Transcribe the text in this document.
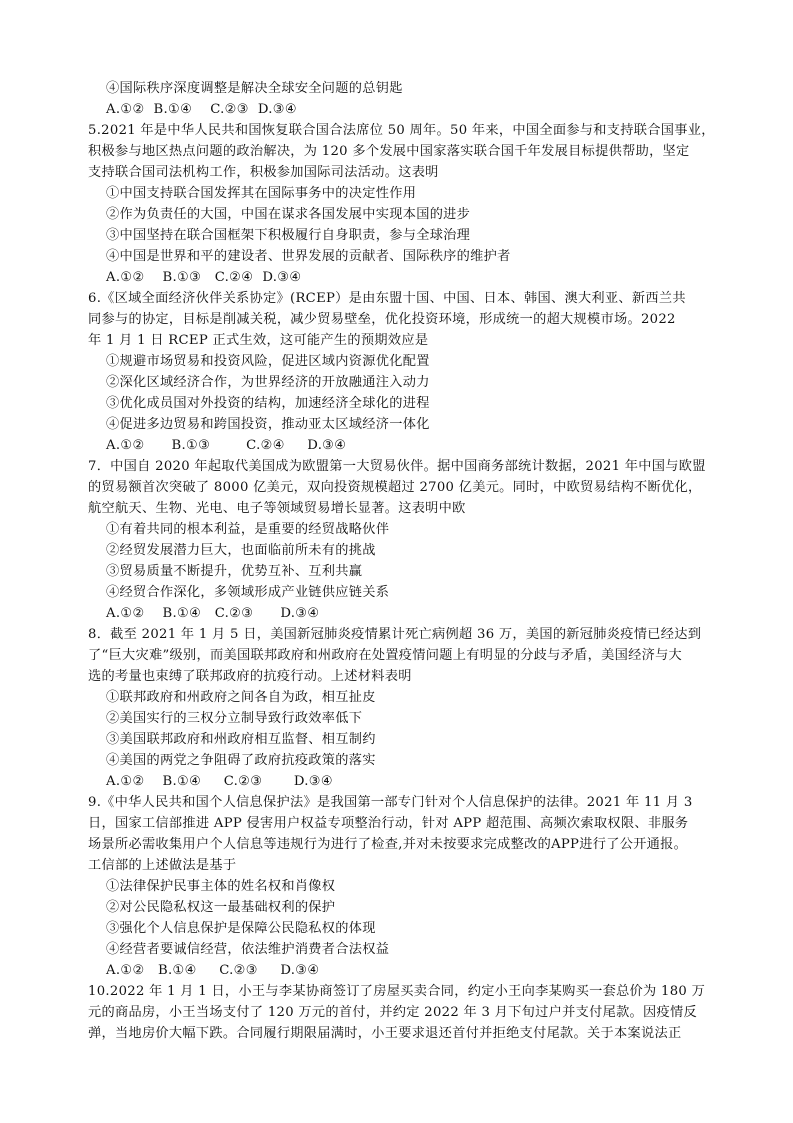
④国际秩序深度调整是解决全球安全问题的总钥匙
A.①②  B.①④    C.②③  D.③④
5.2021 年是中华人民共和国恢复联合国合法席位 50 周年。50 年来，中国全面参与和支持联合国事业，
积极参与地区热点问题的政治解决，为 120 多个发展中国家落实联合国千年发展目标提供帮助，坚定
支持联合国司法机构工作，积极参加国际司法活动。这表明
①中国支持联合国发挥其在国际事务中的决定性作用
②作为负责任的大国，中国在谋求各国发展中实现本国的进步
③中国坚持在联合国框架下积极履行自身职责，参与全球治理
④中国是世界和平的建设者、世界发展的贡献者、国际秩序的维护者
A.①②    B.①③   C.②④  D.③④
6.《区域全面经济伙伴关系协定》(RCEP）是由东盟十国、中国、日本、韩国、澳大利亚、新西兰共
同参与的协定，目标是削减关税，减少贸易壁垒，优化投资环境，形成统一的超大规模市场。2022
年 1 月 1 日 RCEP 正式生效，这可能产生的预期效应是
①规避市场贸易和投资风险，促进区域内资源优化配置
②深化区域经济合作，为世界经济的开放融通注入动力
③优化成员国对外投资的结构，加速经济全球化的进程
④促进多边贸易和跨国投资，推动亚太区域经济一体化
A.①②      B.①③        C.②④     D.③④
7．中国自 2020 年起取代美国成为欧盟第一大贸易伙伴。据中国商务部统计数据，2021 年中国与欧盟
的贸易额首次突破了 8000 亿美元，双向投资规模超过 2700 亿美元。同时，中欧贸易结构不断优化，
航空航天、生物、光电、电子等领域贸易增长显著。这表明中欧
①有着共同的根本利益，是重要的经贸战略伙伴
②经贸发展潜力巨大，也面临前所未有的挑战
③贸易质量不断提升，优势互补、互利共赢
④经贸合作深化，多领域形成产业链供应链关系
A.①②    B.①④   C.②③      D.③④
8．截至 2021 年 1 月 5 日，美国新冠肺炎疫情累计死亡病例超 36 万，美国的新冠肺炎疫情已经达到
了“巨大灾难”级别，而美国联邦政府和州政府在处置疫情问题上有明显的分歧与矛盾，美国经济与大
选的考量也束缚了联邦政府的抗疫行动。上述材料表明
①联邦政府和州政府之间各自为政，相互扯皮
②美国实行的三权分立制导致行政效率低下
③美国联邦政府和州政府相互监督、相互制约
④美国的两党之争阻碍了政府抗疫政策的落实
A.①②    B.①④     C.②③       D.③④
9.《中华人民共和国个人信息保护法》是我国第一部专门针对个人信息保护的法律。2021 年 11 月 3
日，国家工信部推进 APP 侵害用户权益专项整治行动，针对 APP 超范围、高频次索取权限、非服务
场景所必需收集用户个人信息等违规行为进行了检查,并对未按要求完成整改的APP进行了公开通报。
工信部的上述做法是基于
①法律保护民事主体的姓名权和肖像权
②对公民隐私权这一最基础权利的保护
③强化个人信息保护是保障公民隐私权的体现
④经营者要诚信经营，依法维护消费者合法权益
A.①②   B.①④     C.②③     D.③④
10.2022 年 1 月 1 日，小王与李某协商签订了房屋买卖合同，约定小王向李某购买一套总价为 180 万
元的商品房，小王当场支付了 120 万元的首付，并约定 2022 年 3 月下旬过户并支付尾款。因疫情反
弹，当地房价大幅下跌。合同履行期限届满时，小王要求退还首付并拒绝支付尾款。关于本案说法正
